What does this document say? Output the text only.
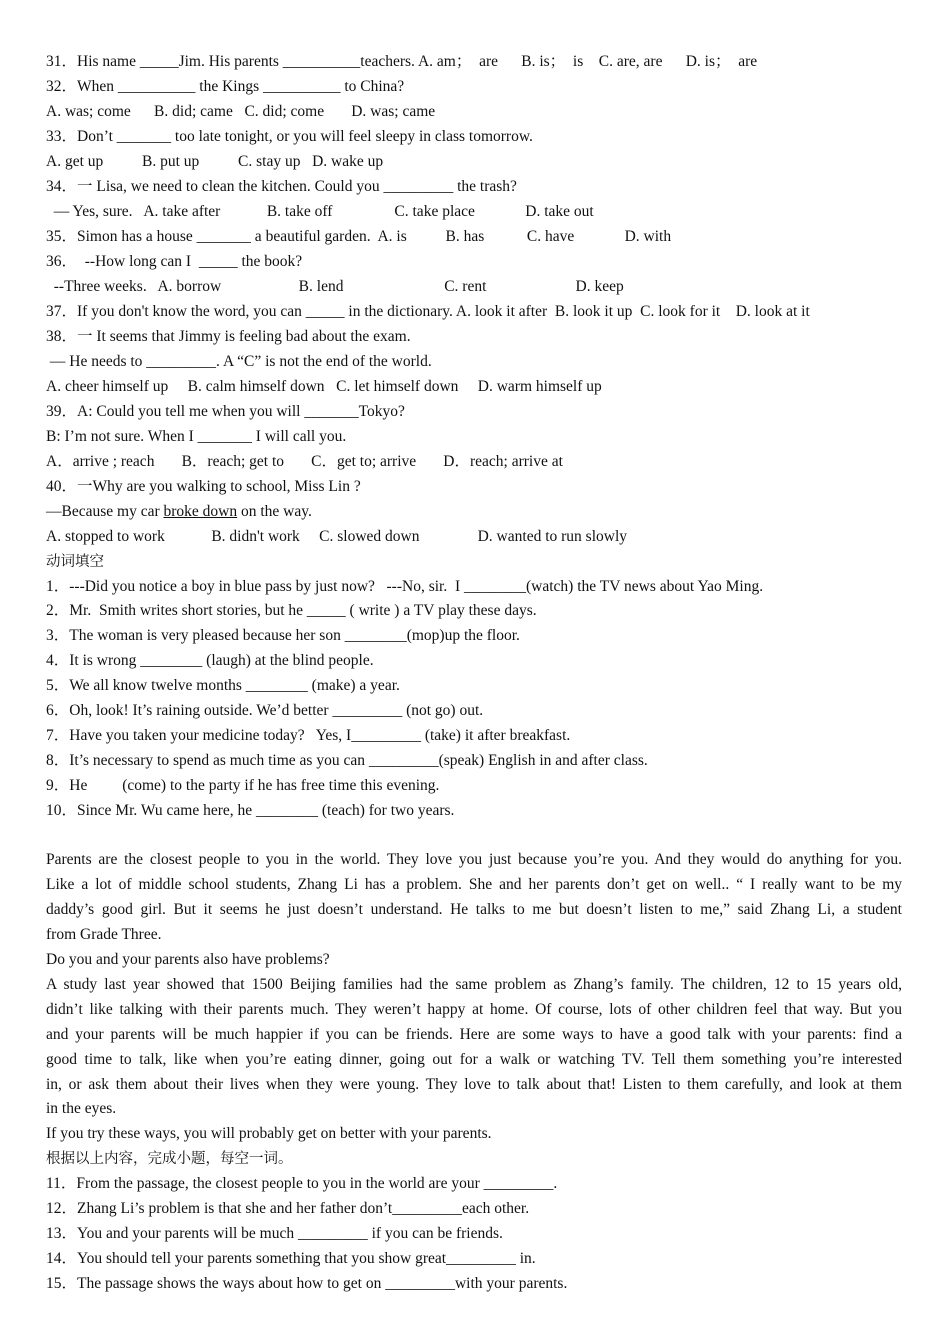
31．His name _____Jim. His parents __________teachers. A. am；  are      B. is；  is    C. are, are      D. is；  are
32．When __________ the Kings __________ to China?
A. was; come      B. did; came   C. did; come       D. was; came
33．Don’t _______ too late tonight, or you will feel sleepy in class tomorrow.
A. get up          B. put up          C. stay up   D. wake up
34．一 Lisa, we need to clean the kitchen. Could you _________ the trash?
— Yes, sure.   A. take after            B. take off                C. take place             D. take out
35．Simon has a house _______ a beautiful garden.  A. is          B. has           C. have             D. with
36．  --How long can I  _____ the book?
--Three weeks.   A. borrow                    B. lend                          C. rent                       D. keep
37．If you don't know the word, you can _____ in the dictionary. A. look it after  B. look it up  C. look for it    D. look at it
38．一 It seems that Jimmy is feeling bad about the exam.
— He needs to _________. A “C” is not the end of the world.
A. cheer himself up     B. calm himself down   C. let himself down     D. warm himself up
39．A: Could you tell me when you will _______Tokyo?
B: I’m not sure. When I _______ I will call you.
A．arrive ; reach       B．reach; get to       C．get to; arrive       D．reach; arrive at
40．一Why are you walking to school, Miss Lin ?
—Because my car broke down on the way.
A. stopped to work            B. didn't work     C. slowed down               D. wanted to run slowly
动词填空
1．---Did you notice a boy in blue pass by just now?   ---No, sir.  I ________(watch) the TV news about Yao Ming.
2．Mr.  Smith writes short stories, but he _____ ( write ) a TV play these days.
3．The woman is very pleased because her son ________(mop)up the floor.
4．It is wrong ________ (laugh) at the blind people.
5．We all know twelve months ________ (make) a year.
6．Oh, look! It’s raining outside. We’d better _________ (not go) out.
7．Have you taken your medicine today?   Yes, I_________ (take) it after breakfast.
8．It’s necessary to spend as much time as you can _________(speak) English in and after class.
9．He         (come) to the party if he has free time this evening.
10．Since Mr. Wu came here, he ________ (teach) for two years.
Parents are the closest people to you in the world. They love you just because you’re you. And they would do anything for you.
Like a lot of middle school students, Zhang Li has a problem. She and her parents don’t get on well.. “ I really want to be my
daddy’s good girl. But it seems he just doesn’t understand. He talks to me but doesn’t listen to me,” said Zhang Li, a student
from Grade Three.
Do you and your parents also have problems?
A study last year showed that 1500 Beijing families had the same problem as Zhang’s family. The children, 12 to 15 years old,
didn’t like talking with their parents much. They weren’t happy at home. Of course, lots of other children feel that way. But you
and your parents will be much happier if you can be friends. Here are some ways to have a good talk with your parents: find a
good time to talk, like when you’re eating dinner, going out for a walk or watching TV. Tell them something you’re interested
in, or ask them about their lives when they were young. They love to talk about that! Listen to them carefully, and look at them
in the eyes.
If you try these ways, you will probably get on better with your parents.
根据以上内容，完成小题，每空一词。
11．From the passage, the closest people to you in the world are your _________.
12．Zhang Li’s problem is that she and her father don’t_________each other.
13．You and your parents will be much _________ if you can be friends.
14．You should tell your parents something that you show great_________ in.
15．The passage shows the ways about how to get on _________with your parents.
